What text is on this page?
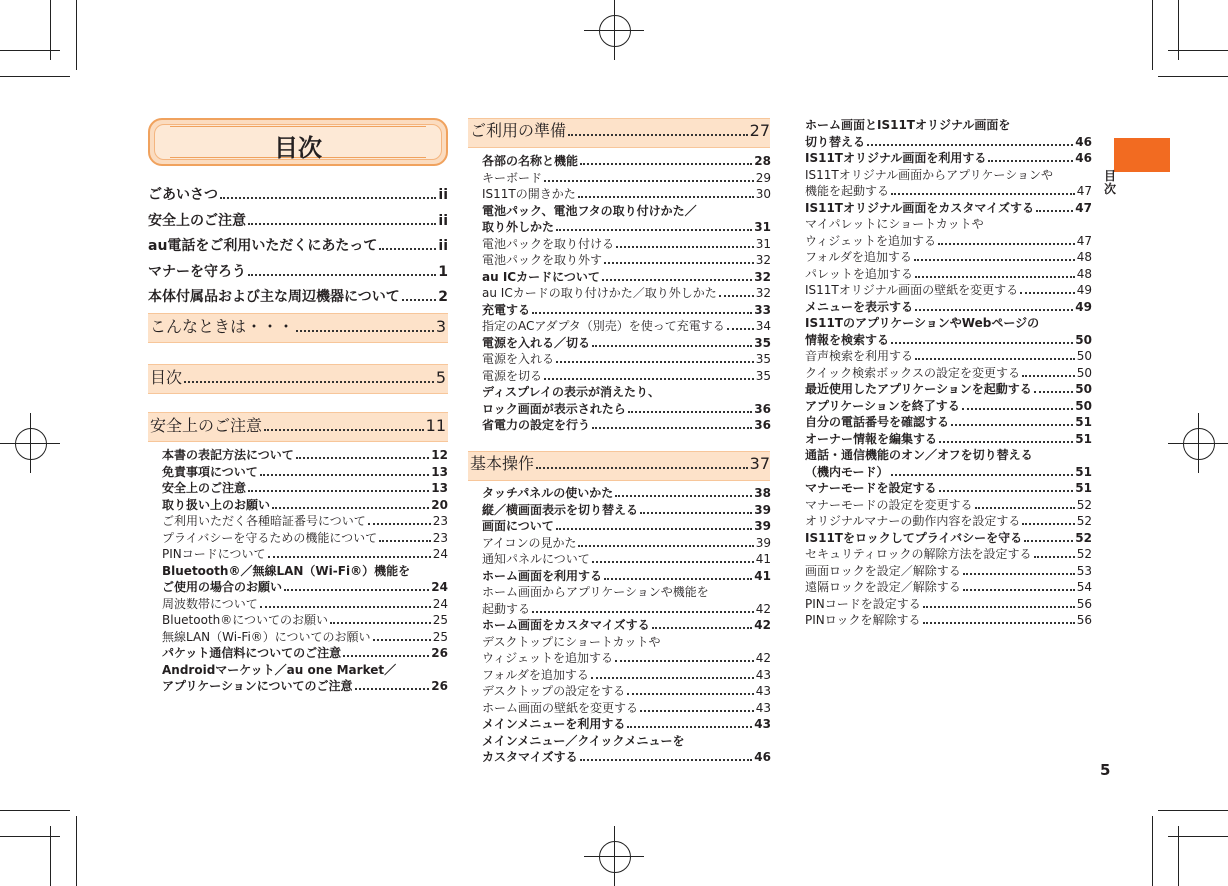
目次
ごあいさつ	ii
安全上のご注意	ii
au電話をご利用いただくにあたって	ii
マナーを守ろう	1
本体付属品および主な周辺機器について	2
こんなときは・・・	3
目次	5
安全上のご注意	11
本書の表記方法について	12
免責事項について	13
安全上のご注意	13
取り扱い上のお願い	20
ご利用いただく各種暗証番号について	23
プライバシーを守るための機能について	23
PINコードについて	24
Bluetooth®／無線LAN（Wi-Fi®）機能を
ご使用の場合のお願い	24
周波数帯について	24
Bluetooth®についてのお願い	25
無線LAN（Wi-Fi®）についてのお願い	25
パケット通信料についてのご注意	26
Androidマーケット／au one Market／
アプリケーションについてのご注意	26
ご利用の準備	27
各部の名称と機能	28
キーボード	29
IS11Tの開きかた	30
電池パック、電池フタの取り付けかた／
取り外しかた	31
電池パックを取り付ける	31
電池パックを取り外す	32
au ICカードについて	32
au ICカードの取り付けかた／取り外しかた	32
充電する	33
指定のACアダプタ（別売）を使って充電する	34
電源を入れる／切る	35
電源を入れる	35
電源を切る	35
ディスプレイの表示が消えたり、
ロック画面が表示されたら	36
省電力の設定を行う	36
基本操作	37
タッチパネルの使いかた	38
縦／横画面表示を切り替える	39
画面について	39
アイコンの見かた	39
通知パネルについて	41
ホーム画面を利用する	41
ホーム画面からアプリケーションや機能を
起動する	42
ホーム画面をカスタマイズする	42
デスクトップにショートカットや
ウィジェットを追加する	42
フォルダを追加する	43
デスクトップの設定をする	43
ホーム画面の壁紙を変更する	43
メインメニューを利用する	43
メインメニュー／クイックメニューを
カスタマイズする	46
ホーム画面とIS11Tオリジナル画面を
切り替える	46
IS11Tオリジナル画面を利用する	46
IS11Tオリジナル画面からアプリケーションや
機能を起動する	47
IS11Tオリジナル画面をカスタマイズする	47
マイパレットにショートカットや
ウィジェットを追加する	47
フォルダを追加する	48
パレットを追加する	48
IS11Tオリジナル画面の壁紙を変更する	49
メニューを表示する	49
IS11TのアプリケーションやWebページの
情報を検索する	50
音声検索を利用する	50
クイック検索ボックスの設定を変更する	50
最近使用したアプリケーションを起動する	50
アプリケーションを終了する	50
自分の電話番号を確認する	51
オーナー情報を編集する	51
通話・通信機能のオン／オフを切り替える
（機内モード）	51
マナーモードを設定する	51
マナーモードの設定を変更する	52
オリジナルマナーの動作内容を設定する	52
IS11Tをロックしてプライバシーを守る	52
セキュリティロックの解除方法を設定する	52
画面ロックを設定／解除する	53
遠隔ロックを設定／解除する	54
PINコードを設定する	56
PINロックを解除する	56
目次
5
